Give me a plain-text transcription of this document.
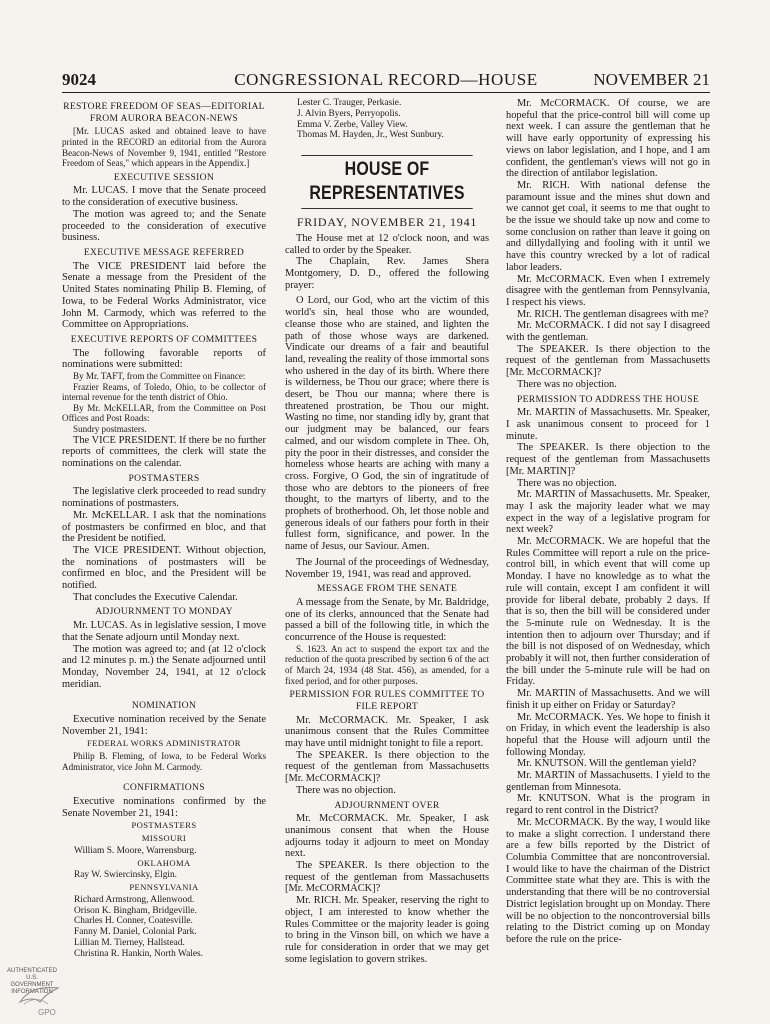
9024	CONGRESSIONAL RECORD—HOUSE	NOVEMBER 21
RESTORE FREEDOM OF SEAS—EDITORIAL FROM AURORA BEACON-NEWS

[Mr. LUCAS asked and obtained leave to have printed in the RECORD an editorial from the Aurora Beacon-News of November 9, 1941, entitled "Restore Freedom of Seas," which appears in the Appendix.]

EXECUTIVE SESSION

Mr. LUCAS. I move that the Senate proceed to the consideration of executive business.

The motion was agreed to; and the Senate proceeded to the consideration of executive business.

EXECUTIVE MESSAGE REFERRED

The VICE PRESIDENT laid before the Senate a message from the President of the United States nominating Philip B. Fleming, of Iowa, to be Federal Works Administrator, vice John M. Carmody, which was referred to the Committee on Appropriations.

EXECUTIVE REPORTS OF COMMITTEES

The following favorable reports of nominations were submitted:

By Mr. TAFT, from the Committee on Finance:

Frazier Reams, of Toledo, Ohio, to be collector of internal revenue for the tenth district of Ohio.

By Mr. McKELLAR, from the Committee on Post Offices and Post Roads:

Sundry postmasters.

The VICE PRESIDENT. If there be no further reports of committees, the clerk will state the nominations on the calendar.

POSTMASTERS

The legislative clerk proceeded to read sundry nominations of postmasters.

Mr. McKELLAR. I ask that the nominations of postmasters be confirmed en bloc, and that the President be notified.

The VICE PRESIDENT. Without objection, the nominations of postmasters will be confirmed en bloc, and the President will be notified.

That concludes the Executive Calendar.

ADJOURNMENT TO MONDAY

Mr. LUCAS. As in legislative session, I move that the Senate adjourn until Monday next.

The motion was agreed to; and (at 12 o'clock and 12 minutes p. m.) the Senate adjourned until Monday, November 24, 1941, at 12 o'clock meridian.

NOMINATION

Executive nomination received by the Senate November 21, 1941:

FEDERAL WORKS ADMINISTRATOR

Philip B. Fleming, of Iowa, to be Federal Works Administrator, vice John M. Carmody.

CONFIRMATIONS

Executive nominations confirmed by the Senate November 21, 1941:

POSTMASTERS
MISSOURI

William S. Moore, Warrensburg.

OKLAHOMA

Ray W. Swiercinsky, Elgin.

PENNSYLVANIA

Richard Armstrong, Allenwood.

Orison K. Bingham, Bridgeville.

Charles H. Conner, Coatesville.

Fanny M. Daniel, Colonial Park.

Lillian M. Tierney, Hallstead.

Christina R. Hankin, North Wales.

Lester C. Trauger, Perkasie.

J. Alvin Byers, Perryopolis.

Emma V. Zerbe, Valley View.

Thomas M. Hayden, Jr., West Sunbury.

HOUSE OF REPRESENTATIVES
FRIDAY, NOVEMBER 21, 1941

The House met at 12 o'clock noon, and was called to order by the Speaker.

The Chaplain, Rev. James Shera Montgomery, D. D., offered the following prayer:

O Lord, our God, who art the victim of this world's sin, heal those who are wounded, cleanse those who are stained, and lighten the path of those whose ways are darkened. Vindicate our dreams of a fair and beautiful land, revealing the reality of those immortal sons who ushered in the day of its birth. Where there is wilderness, be Thou our grace; where there is desert, be Thou our manna; where there is threatened prostration, be Thou our might. Wasting no time, nor standing idly by, grant that our judgment may be balanced, our fears calmed, and our wisdom complete in Thee. Oh, pity the poor in their distresses, and consider the homeless whose hearts are aching with many a cross. Forgive, O God, the sin of ingratitude of those who are debtors to the pioneers of free thought, to the martyrs of liberty, and to the prophets of brotherhood. Oh, let those noble and generous ideals of our fathers pour forth in their fullest form, significance, and power. In the name of Jesus, our Saviour. Amen.

The Journal of the proceedings of Wednesday, November 19, 1941, was read and approved.

MESSAGE FROM THE SENATE

A message from the Senate, by Mr. Baldridge, one of its clerks, announced that the Senate had passed a bill of the following title, in which the concurrence of the House is requested:

S. 1623. An act to suspend the export tax and the reduction of the quota prescribed by section 6 of the act of March 24, 1934 (48 Stat. 456), as amended, for a fixed period, and for other purposes.

PERMISSION FOR RULES COMMITTEE TO FILE REPORT

Mr. McCORMACK. Mr. Speaker, I ask unanimous consent that the Rules Committee may have until midnight tonight to file a report.

The SPEAKER. Is there objection to the request of the gentleman from Massachusetts [Mr. McCORMACK]?

There was no objection.

ADJOURNMENT OVER

Mr. McCORMACK. Mr. Speaker, I ask unanimous consent that when the House adjourns today it adjourn to meet on Monday next.

The SPEAKER. Is there objection to the request of the gentleman from Massachusetts [Mr. McCORMACK]?

Mr. RICH. Mr. Speaker, reserving the right to object, I am interested to know whether the Rules Committee or the majority leader is going to bring in the Vinson bill, on which we have a rule for consideration in order that we may get some legislation to govern strikes.

Mr. McCORMACK. Of course, we are hopeful that the price-control bill will come up next week. I can assure the gentleman that he will have early opportunity of expressing his views on labor legislation, and I hope, and I am confident, the gentleman's views will not go in the direction of antilabor legislation.

Mr. RICH. With national defense the paramount issue and the mines shut down and we cannot get coal, it seems to me that ought to be the issue we should take up now and come to some conclusion on rather than leave it going on and dillydallying and fooling with it until we have this country wrecked by a lot of radical labor leaders.

Mr. McCORMACK. Even when I extremely disagree with the gentleman from Pennsylvania, I respect his views.

Mr. RICH. The gentleman disagrees with me?

Mr. McCORMACK. I did not say I disagreed with the gentleman.

The SPEAKER. Is there objection to the request of the gentleman from Massachusetts [Mr. McCORMACK]?

There was no objection.

PERMISSION TO ADDRESS THE HOUSE

Mr. MARTIN of Massachusetts. Mr. Speaker, I ask unanimous consent to proceed for 1 minute.

The SPEAKER. Is there objection to the request of the gentleman from Massachusetts [Mr. MARTIN]?

There was no objection.

Mr. MARTIN of Massachusetts. Mr. Speaker, may I ask the majority leader what we may expect in the way of a legislative program for next week?

Mr. McCORMACK. We are hopeful that the Rules Committee will report a rule on the price-control bill, in which event that will come up Monday. I have no knowledge as to what the rule will contain, except I am confident it will provide for liberal debate, probably 2 days. If that is so, then the bill will be considered under the 5-minute rule on Wednesday. It is the intention then to adjourn over Thursday; and if the bill is not disposed of on Wednesday, which probably it will not, then further consideration of the bill under the 5-minute rule will be had on Friday.

Mr. MARTIN of Massachusetts. And we will finish it up either on Friday or Saturday?

Mr. McCORMACK. Yes. We hope to finish it on Friday, in which event the leadership is also hopeful that the House will adjourn until the following Monday.

Mr. KNUTSON. Will the gentleman yield?

Mr. MARTIN of Massachusetts. I yield to the gentleman from Minnesota.

Mr. KNUTSON. What is the program in regard to rent control in the District?

Mr. McCORMACK. By the way, I would like to make a slight correction. I understand there are a few bills reported by the District of Columbia Committee that are noncontroversial. I would like to have the chairman of the District Committee state what they are. This is with the understanding that there will be no controversial District legislation brought up on Monday. There will be no objection to the noncontroversial bills relating to the District coming up on Monday before the rule on the price-

AUTHENTICATED
U.S. GOVERNMENT
INFORMATION
GPO
